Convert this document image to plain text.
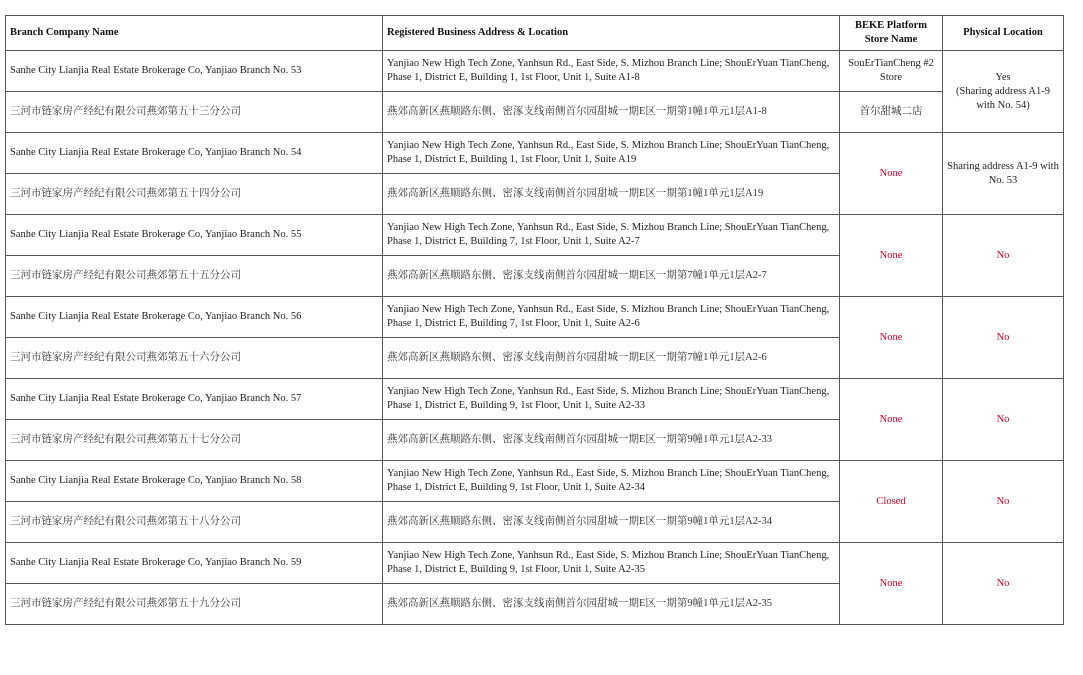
Branch Company Name	Registered Business Address & Location	BEKE Platform Store Name	Physical Location
Sanhe City Lianjia Real Estate Brokerage Co, Yanjiao Branch No. 53	Yanjiao New High Tech Zone, Yanhsun Rd., East Side, S. Mizhou Branch Line; ShouErYuan TianCheng, Phase 1, District E, Building 1, 1st Floor, Unit 1, Suite A1-8	SouErTianCheng #2 Store	Yes
(Sharing address A1-9 with No. 54)
三河市链家房产经纪有限公司燕郊第五十三分公司	燕郊高新区燕顺路东侧、密涿支线南侧首尔园甜城一期E区一期第1幢1单元1层A1-8	首尔甜城二店	
Sanhe City Lianjia Real Estate Brokerage Co, Yanjiao Branch No. 54	Yanjiao New High Tech Zone, Yanhsun Rd., East Side, S. Mizhou Branch Line; ShouErYuan TianCheng, Phase 1, District E, Building 1, 1st Floor, Unit 1, Suite A19	None	Sharing address A1-9 with No. 53
三河市链家房产经纪有限公司燕郊第五十四分公司	燕郊高新区燕顺路东侧、密涿支线南侧首尔园甜城一期E区一期第1幢1单元1层A19		
Sanhe City Lianjia Real Estate Brokerage Co, Yanjiao Branch No. 55	Yanjiao New High Tech Zone, Yanhsun Rd., East Side, S. Mizhou Branch Line; ShouErYuan TianCheng, Phase 1, District E, Building 7, 1st Floor, Unit 1, Suite A2-7	None	No
三河市链家房产经纪有限公司燕郊第五十五分公司	燕郊高新区燕顺路东侧、密涿支线南侧首尔园甜城一期E区一期第7幢1单元1层A2-7		
Sanhe City Lianjia Real Estate Brokerage Co, Yanjiao Branch No. 56	Yanjiao New High Tech Zone, Yanhsun Rd., East Side, S. Mizhou Branch Line; ShouErYuan TianCheng, Phase 1, District E, Building 7, 1st Floor, Unit 1, Suite A2-6	None	No
三河市链家房产经纪有限公司燕郊第五十六分公司	燕郊高新区燕顺路东侧、密涿支线南侧首尔园甜城一期E区一期第7幢1单元1层A2-6		
Sanhe City Lianjia Real Estate Brokerage Co, Yanjiao Branch No. 57	Yanjiao New High Tech Zone, Yanhsun Rd., East Side, S. Mizhou Branch Line; ShouErYuan TianCheng, Phase 1, District E, Building 9, 1st Floor, Unit 1, Suite A2-33	None	No
三河市链家房产经纪有限公司燕郊第五十七分公司	燕郊高新区燕顺路东侧、密涿支线南侧首尔园甜城一期E区一期第9幢1单元1层A2-33		
Sanhe City Lianjia Real Estate Brokerage Co, Yanjiao Branch No. 58	Yanjiao New High Tech Zone, Yanhsun Rd., East Side, S. Mizhou Branch Line; ShouErYuan TianCheng, Phase 1, District E, Building 9, 1st Floor, Unit 1, Suite A2-34	Closed	No
三河市链家房产经纪有限公司燕郊第五十八分公司	燕郊高新区燕顺路东侧、密涿支线南侧首尔园甜城一期E区一期第9幢1单元1层A2-34		
Sanhe City Lianjia Real Estate Brokerage Co, Yanjiao Branch No. 59	Yanjiao New High Tech Zone, Yanhsun Rd., East Side, S. Mizhou Branch Line; ShouErYuan TianCheng, Phase 1, District E, Building 9, 1st Floor, Unit 1, Suite A2-35	None	No
三河市链家房产经纪有限公司燕郊第五十九分公司	燕郊高新区燕顺路东侧、密涿支线南侧首尔园甜城一期E区一期第9幢1单元1层A2-35		
